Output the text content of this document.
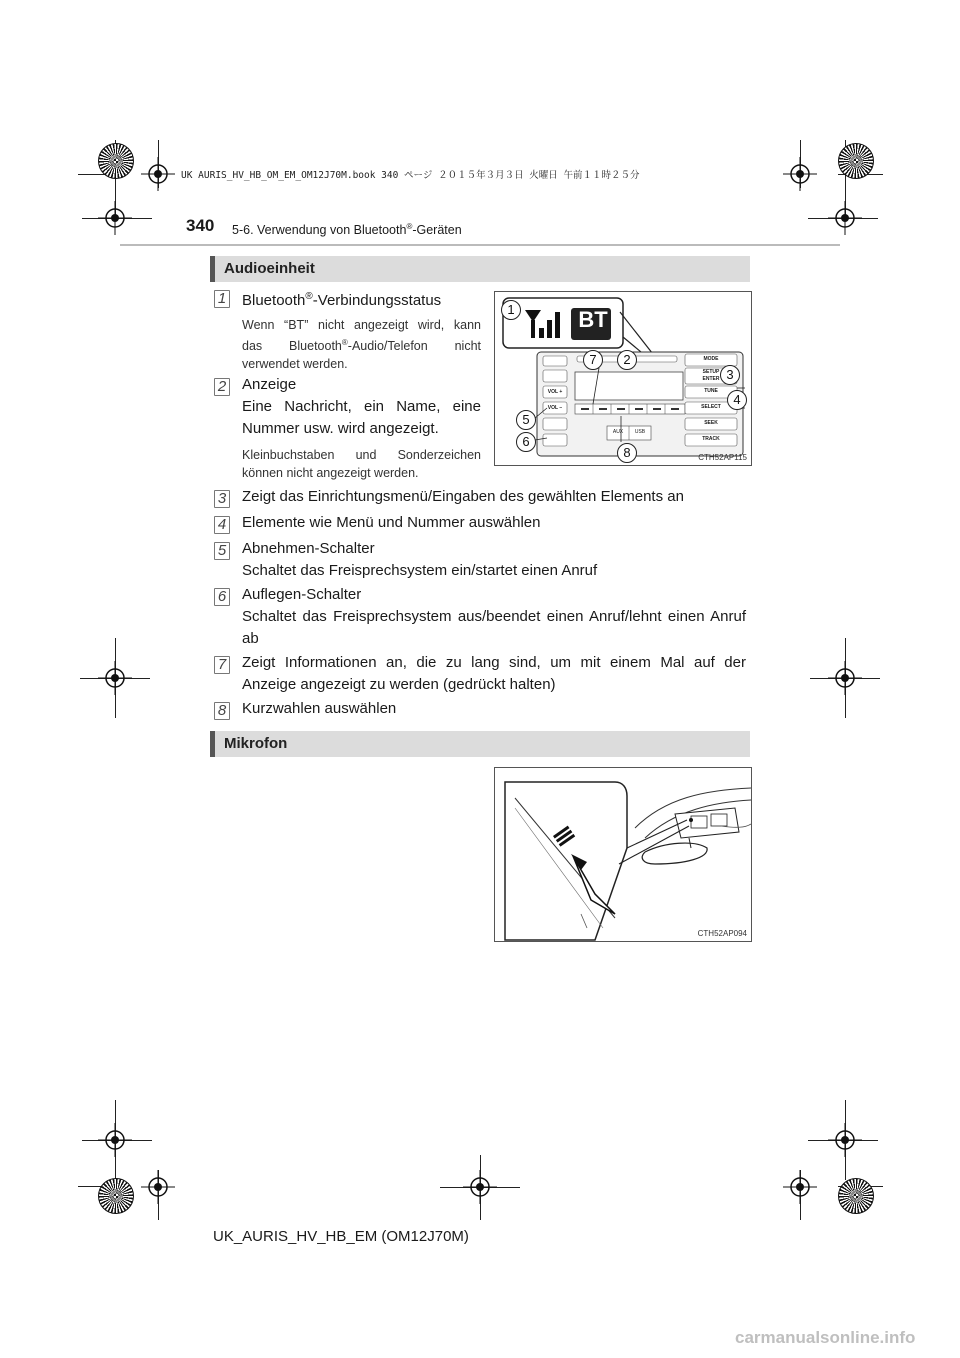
UK AURIS_HV_HB_OM_EM_OM12J70M.book 340 ページ ２０１５年３月３日 火曜日 午前１１時２５分
340 5-6. Verwendung von Bluetooth®-Geräten
Audioeinheit
1 Bluetooth®-Verbindungsstatus
Wenn “BT” nicht angezeigt wird, kann
das Bluetooth®-Audio/Telefon nicht
verwendet werden.
2 Anzeige
Eine Nachricht, ein Name, eine
Nummer usw. wird angezeigt.
Kleinbuchstaben und Sonderzeichen
können nicht angezeigt werden.
3 Zeigt das Einrichtungsmenü/Eingaben des gewählten Elements an
4 Elemente wie Menü und Nummer auswählen
5 Abnehmen-Schalter
Schaltet das Freisprechsystem ein/startet einen Anruf
6 Auflegen-Schalter
Schaltet das Freisprechsystem aus/beendet einen Anruf/lehnt einen Anruf
ab
7 Zeigt Informationen an, die zu lang sind, um mit einem Mal auf der
Anzeige angezeigt zu werden (gedrückt halten)
8 Kurzwahlen auswählen
BT
MODE
SETUP
ENTER
TUNE
SELECT
SEEK
TRACK
VOL +
VOL −
AUX	USB
1
7	2
3
4
5
6
8	CTH52AP115
Mikrofon
CTH52AP094
UK_AURIS_HV_HB_EM (OM12J70M)
carmanualsonline.info
